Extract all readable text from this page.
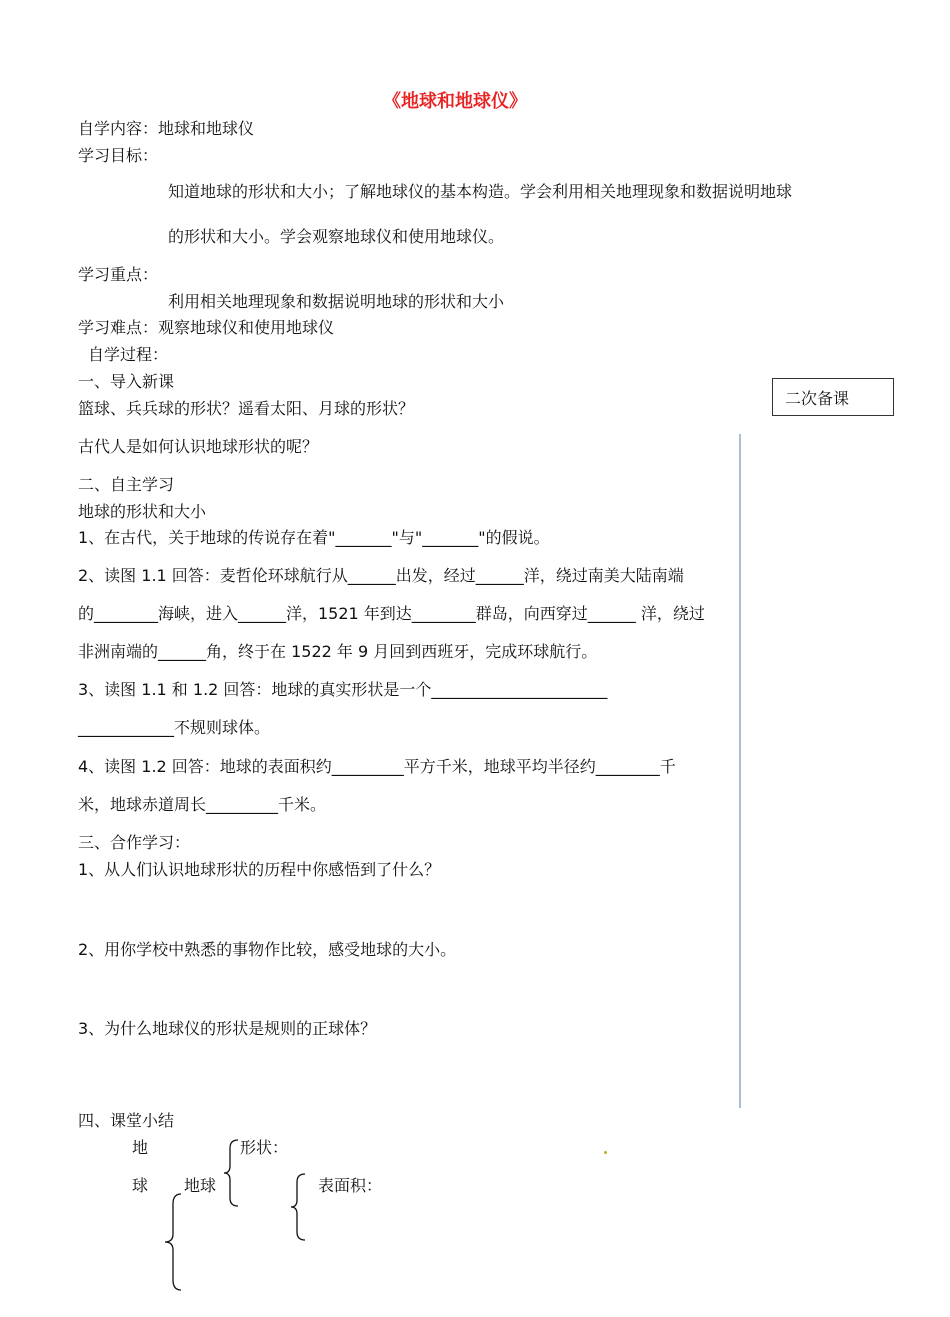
《地球和地球仪》
自学内容：地球和地球仪
学习目标：
知道地球的形状和大小；了解地球仪的基本构造。学会利用相关地理现象和数据说明地球
的形状和大小。学会观察地球仪和使用地球仪。
学习重点：
利用相关地理现象和数据说明地球的形状和大小
学习难点：观察地球仪和使用地球仪
自学过程：
二次备课
一、导入新课
篮球、兵兵球的形状？遥看太阳、月球的形状？
古代人是如何认识地球形状的呢？
二、自主学习
地球的形状和大小
1、在古代，关于地球的传说存在着"_______"与"_______"的假说。
2、读图 1.1 回答：麦哲伦环球航行从______出发，经过______洋，绕过南美大陆南端
的________海峡，进入______洋，1521 年到达________群岛，向西穿过______ 洋，绕过
非洲南端的______角，终于在 1522 年 9 月回到西班牙，完成环球航行。
3、读图 1.1 和 1.2 回答：地球的真实形状是一个______________________
____________不规则球体。
4、读图 1.2 回答：地球的表面积约_________平方千米，地球平均半径约________千
米，地球赤道周长_________千米。
三、合作学习：
1、从人们认识地球形状的历程中你感悟到了什么？
2、用你学校中熟悉的事物作比较，感受地球的大小。
3、为什么地球仪的形状是规则的正球体？
四、课堂小结
地
球 地球
形状：
表面积：
